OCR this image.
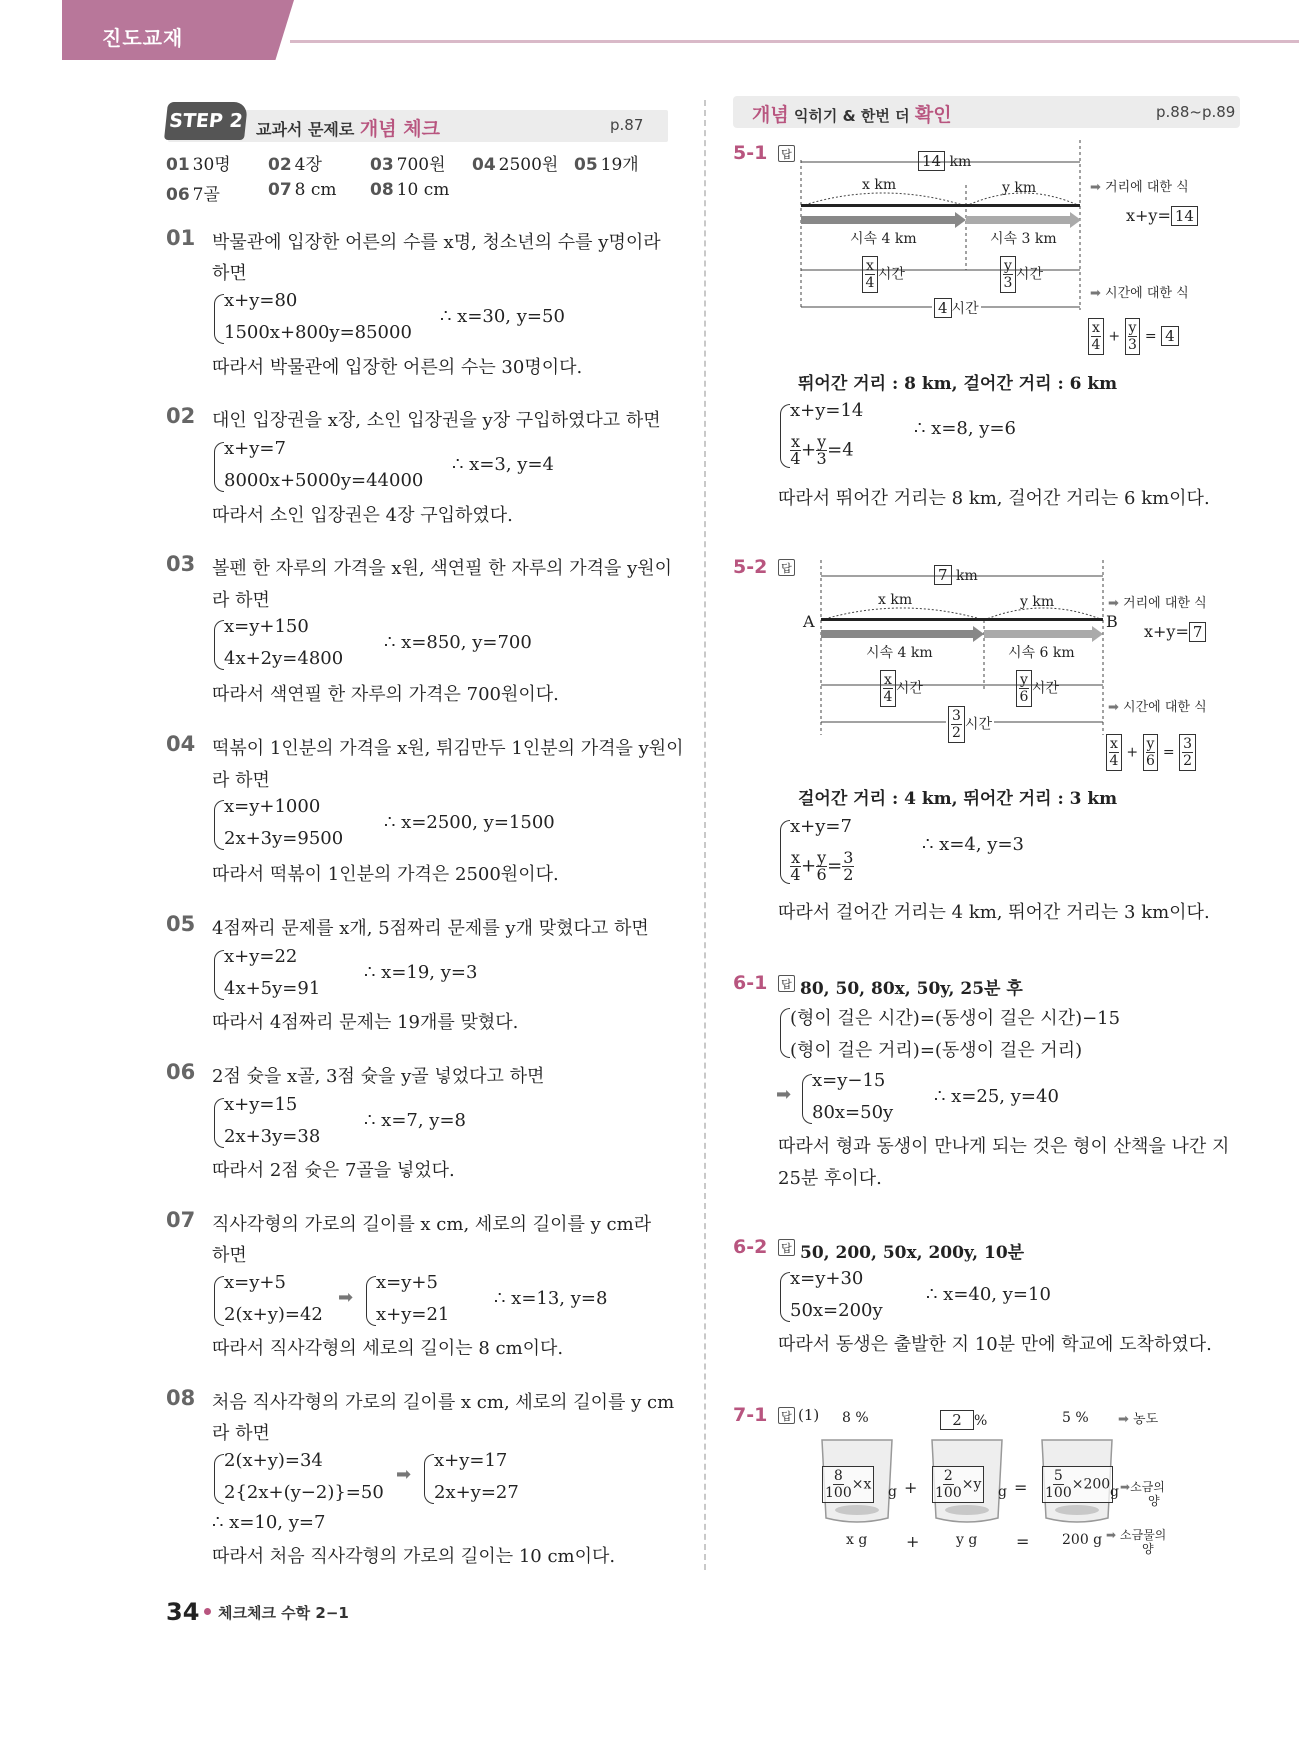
진도교재
STEP 2 교과서 문제로 개념 체크	p.87
01 30명 02 4장	03 700원 04 2500원 05 19개
06 7골	07 8 cm 08 10 cm
01 박물관에 입장한 어른의 수를 x명, 청소년의 수를 y명이라
하면
x+y=80
1500x+800y=85000
∴ x=30, y=50
따라서 박물관에 입장한 어른의 수는 30명이다.
02 대인 입장권을 x장, 소인 입장권을 y장 구입하였다고 하면
x+y=7
8000x+5000y=44000
∴ x=3, y=4
따라서 소인 입장권은 4장 구입하였다.
03 볼펜 한 자루의 가격을 x원, 색연필 한 자루의 가격을 y원이
라 하면
x=y+150
4x+2y=4800
∴ x=850, y=700
따라서 색연필 한 자루의 가격은 700원이다.
04 떡볶이 1인분의 가격을 x원, 튀김만두 1인분의 가격을 y원이
라 하면
x=y+1000
2x+3y=9500
∴ x=2500, y=1500
따라서 떡볶이 1인분의 가격은 2500원이다.
05 4점짜리 문제를 x개, 5점짜리 문제를 y개 맞혔다고 하면
x+y=22
4x+5y=91
∴ x=19, y=3
따라서 4점짜리 문제는 19개를 맞혔다.
06 2점 슛을 x골, 3점 슛을 y골 넣었다고 하면
x+y=15
2x+3y=38
∴ x=7, y=8
따라서 2점 슛은 7골을 넣었다.
07 직사각형의 가로의 길이를 x cm, 세로의 길이를 y cm라
하면
x=y+5
2(x+y)=42
➡
x=y+5
x+y=21
∴ x=13, y=8
따라서 직사각형의 세로의 길이는 8 cm이다.
08 처음 직사각형의 가로의 길이를 x cm, 세로의 길이를 y cm
라 하면
2(x+y)=34
2{2x+(y−2)}=50
➡
x+y=17
2x+y=27
∴ x=10, y=7
따라서 처음 직사각형의 가로의 길이는 10 cm이다.
34 체크체크 수학 2−1
개념 익히기 & 한번 더 확인	p.88~p.89
5-1 답	14 km
x km	y km
시속 4 km	시속 3 km
$\frac{x}{4}$ 시간	$\frac{y}{3}$ 시간
4 시간
➡ 거리에 대한 식
x+y= 14
➡ 시간에 대한 식
$\frac{x}{4} + \frac{y}{3} = 4$
뛰어간 거리 : 8 km, 걸어간 거리 : 6 km
x+y=14
$\frac{x}{4} + \frac{y}{3} =4$
∴ x=8, y=6
따라서 뛰어간 거리는 8 km, 걸어간 거리는 6 km이다.
5-2 답	7 km
x km	y km
A	B
시속 4 km	시속 6 km
$\frac{x}{4}$ 시간	$\frac{y}{6}$ 시간
$\frac{3}{2}$ 시간
➡ 거리에 대한 식
x+y= 7
➡ 시간에 대한 식
$\frac{x}{4} + \frac{y}{6} = \frac{3}{2}$
걸어간 거리 : 4 km, 뛰어간 거리 : 3 km
x+y=7
$\frac{x}{4} + \frac{y}{6} = \frac{3}{2}$
∴ x=4, y=3
따라서 걸어간 거리는 4 km, 뛰어간 거리는 3 km이다.
6-1 답 80, 50, 80x, 50y, 25분 후
(형이 걸은 시간)=(동생이 걸은 시간)−15
(형이 걸은 거리)=(동생이 걸은 거리)
➡
x=y−15
80x=50y
∴ x=25, y=40
따라서 형과 동생이 만나게 되는 것은 형이 산책을 나간 지
25분 후이다.
6-2 답 50, 200, 50x, 200y, 10분
x=y+30
50x=200y
∴ x=40, y=10
따라서 동생은 출발한 지 10분 만에 학교에 도착하였다.
7-1 답 (1) 8 %	2 %	5 % ➡ 농도
$\frac{8}{100} \times x$ $g + \frac{2}{100} \times y$ $g = \frac{5}{100} \times 200$ g ➡소금의
양
x g +	y g = 200 g ➡ 소금물의
양
